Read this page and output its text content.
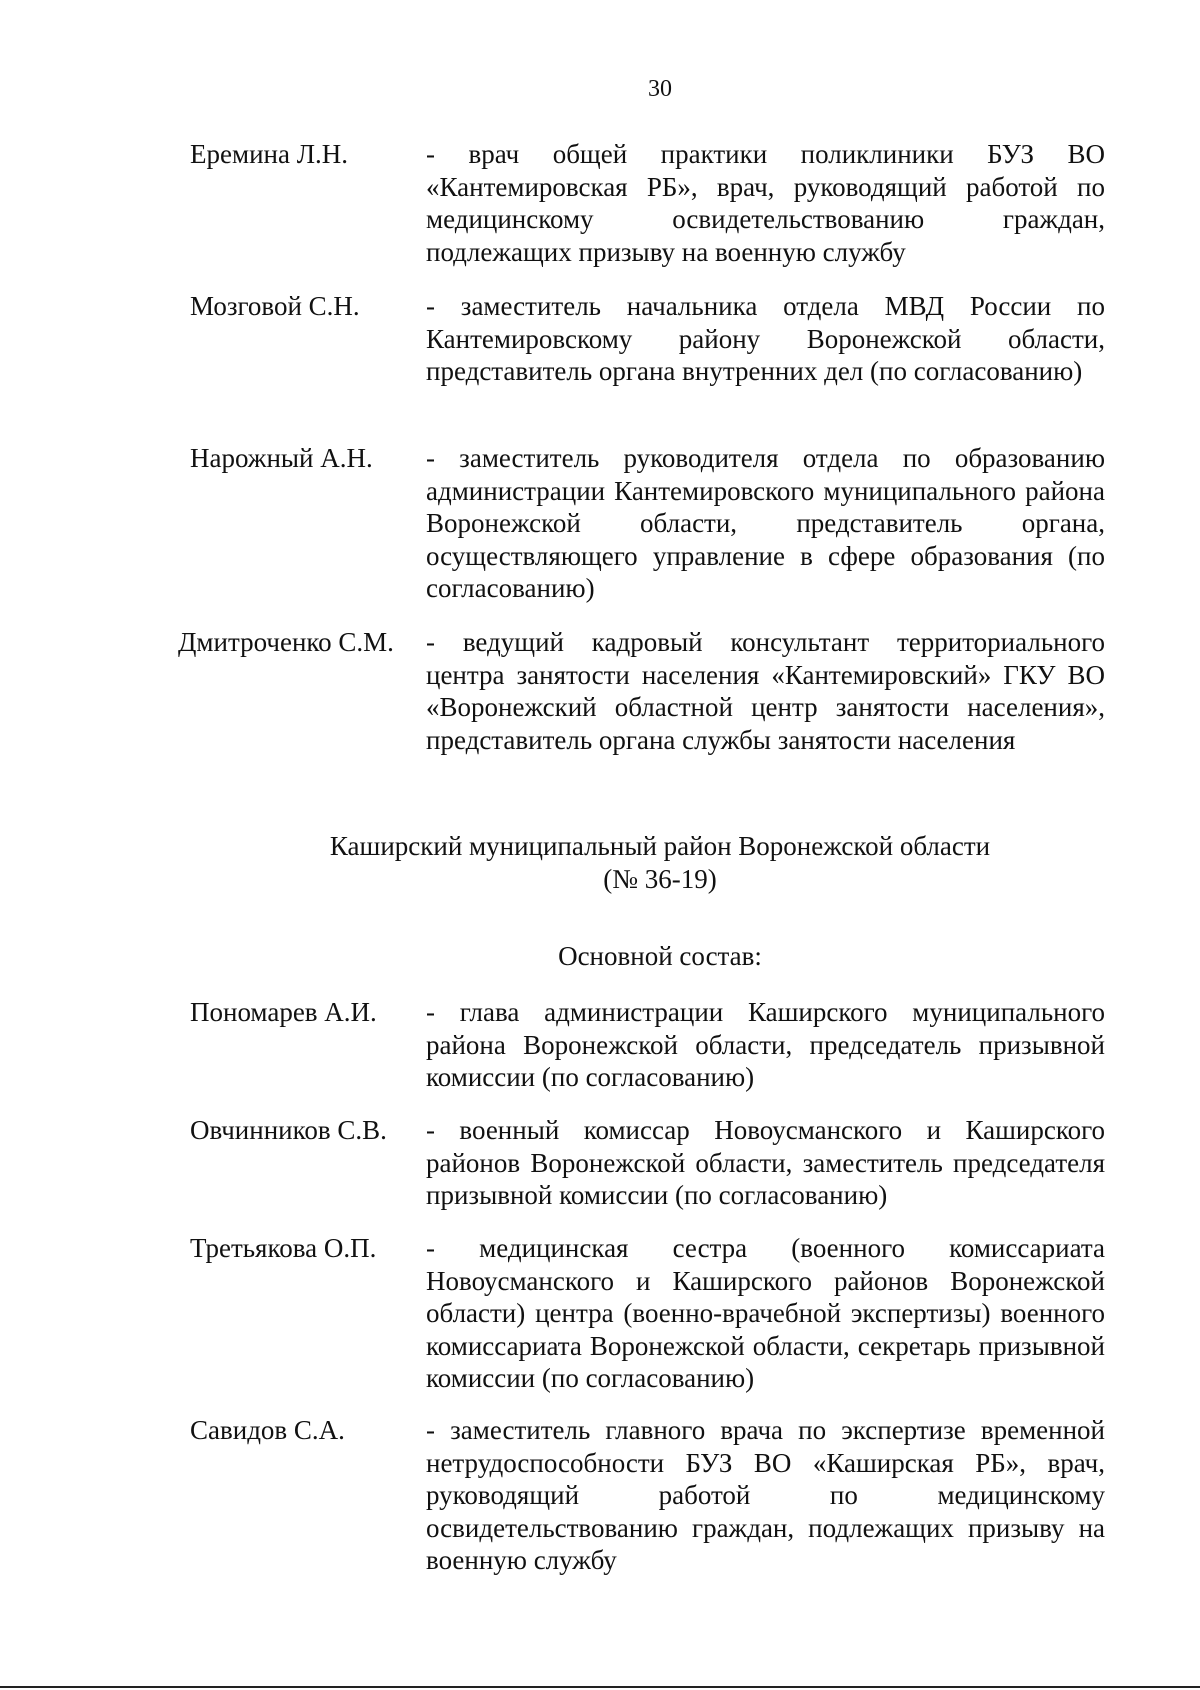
30
Еремина Л.Н.	- врач общей практики поликлиники БУЗ ВО «Кантемировская РБ», врач, руководящий работой по медицинскому освидетельствованию граждан, подлежащих призыву на военную службу
Мозговой С.Н. - заместитель начальника отдела МВД России по Кантемировскому району Воронежской области, представитель органа внутренних дел (по согласованию)
Нарожный А.Н. - заместитель руководителя отдела по образованию администрации Кантемировского муниципального района Воронежской области, представитель органа, осуществляющего управление в сфере образования (по согласованию)
Дмитроченко С.М. - ведущий кадровый консультант территориального центра занятости населения «Кантемировский» ГКУ ВО «Воронежский областной центр занятости населения», представитель органа службы занятости населения
Каширский муниципальный район Воронежской области
(№ 36-19)
Основной состав:
Пономарев А.И. - глава администрации Каширского муниципального района Воронежской области, председатель призывной комиссии (по согласованию)
Овчинников С.В. - военный комиссар Новоусманского и Каширского районов Воронежской области, заместитель председателя призывной комиссии (по согласованию)
Третьякова О.П. - медицинская сестра (военного комиссариата Новоусманского и Каширского районов Воронежской области) центра (военно-врачебной экспертизы) военного комиссариата Воронежской области, секретарь призывной комиссии (по согласованию)
Савидов С.А.	- заместитель главного врача по экспертизе временной нетрудоспособности БУЗ ВО «Каширская РБ», врач, руководящий работой по медицинскому освидетельствованию граждан, подлежащих призыву на военную службу
